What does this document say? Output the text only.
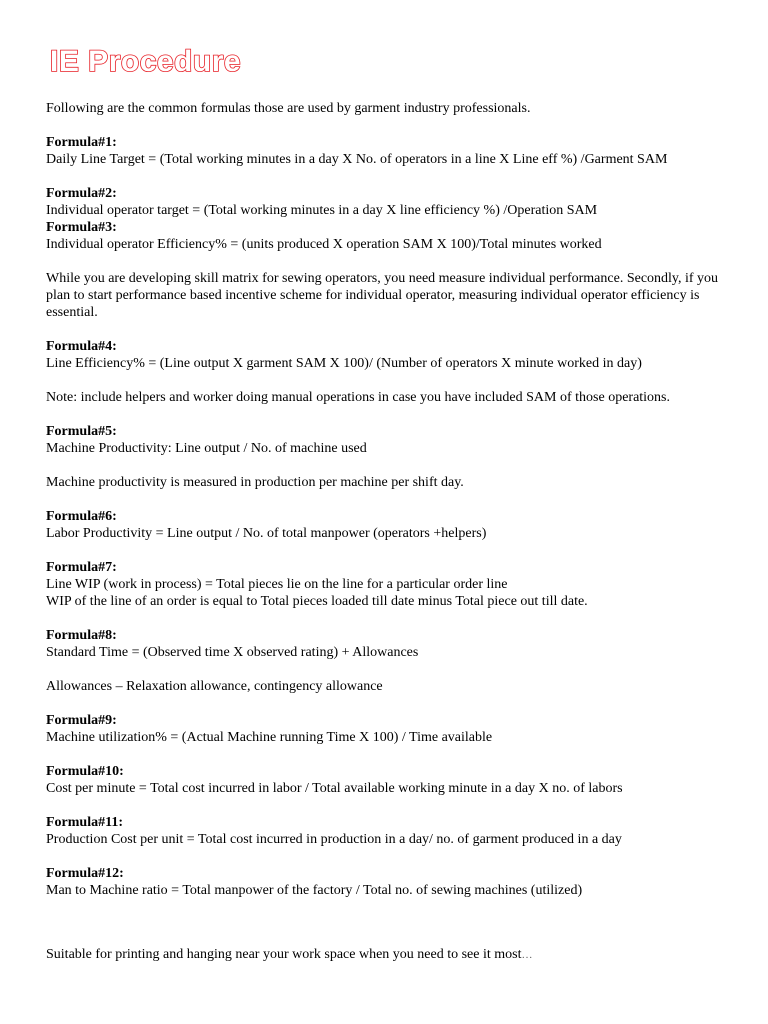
IE Procedure

Following are the common formulas those are used by garment industry professionals.

Formula#1:
Daily Line Target = (Total working minutes in a day X No. of operators in a line X Line eff %) /Garment SAM
Formula#2:
Individual operator target = (Total working minutes in a day X line efficiency %) /Operation SAM
Formula#3:
Individual operator Efficiency% = (units produced X operation SAM X 100)/Total minutes worked

While you are developing skill matrix for sewing operators, you need measure individual performance. Secondly, if you plan to start performance based incentive scheme for individual operator, measuring individual operator efficiency is essential.

Formula#4:
Line Efficiency% = (Line output X garment SAM X 100)/ (Number of operators X minute worked in day)

Note: include helpers and worker doing manual operations in case you have included SAM of those operations.

Formula#5:
Machine Productivity: Line output / No. of machine used

Machine productivity is measured in production per machine per shift day.

Formula#6:
Labor Productivity = Line output / No. of total manpower (operators +helpers)
Formula#7:
Line WIP (work in process) = Total pieces lie on the line for a particular order line
WIP of the line of an order is equal to Total pieces loaded till date minus Total piece out till date.
Formula#8:
Standard Time = (Observed time X observed rating) + Allowances

Allowances – Relaxation allowance, contingency allowance

Formula#9:
Machine utilization% = (Actual Machine running Time X 100) / Time available
Formula#10:
Cost per minute = Total cost incurred in labor / Total available working minute in a day X no. of labors
Formula#11:
Production Cost per unit = Total cost incurred in production in a day/ no. of garment produced in a day
Formula#12:
Man to Machine ratio = Total manpower of the factory / Total no. of sewing machines (utilized)
Suitable for printing and hanging near your work space when you need to see it most…
